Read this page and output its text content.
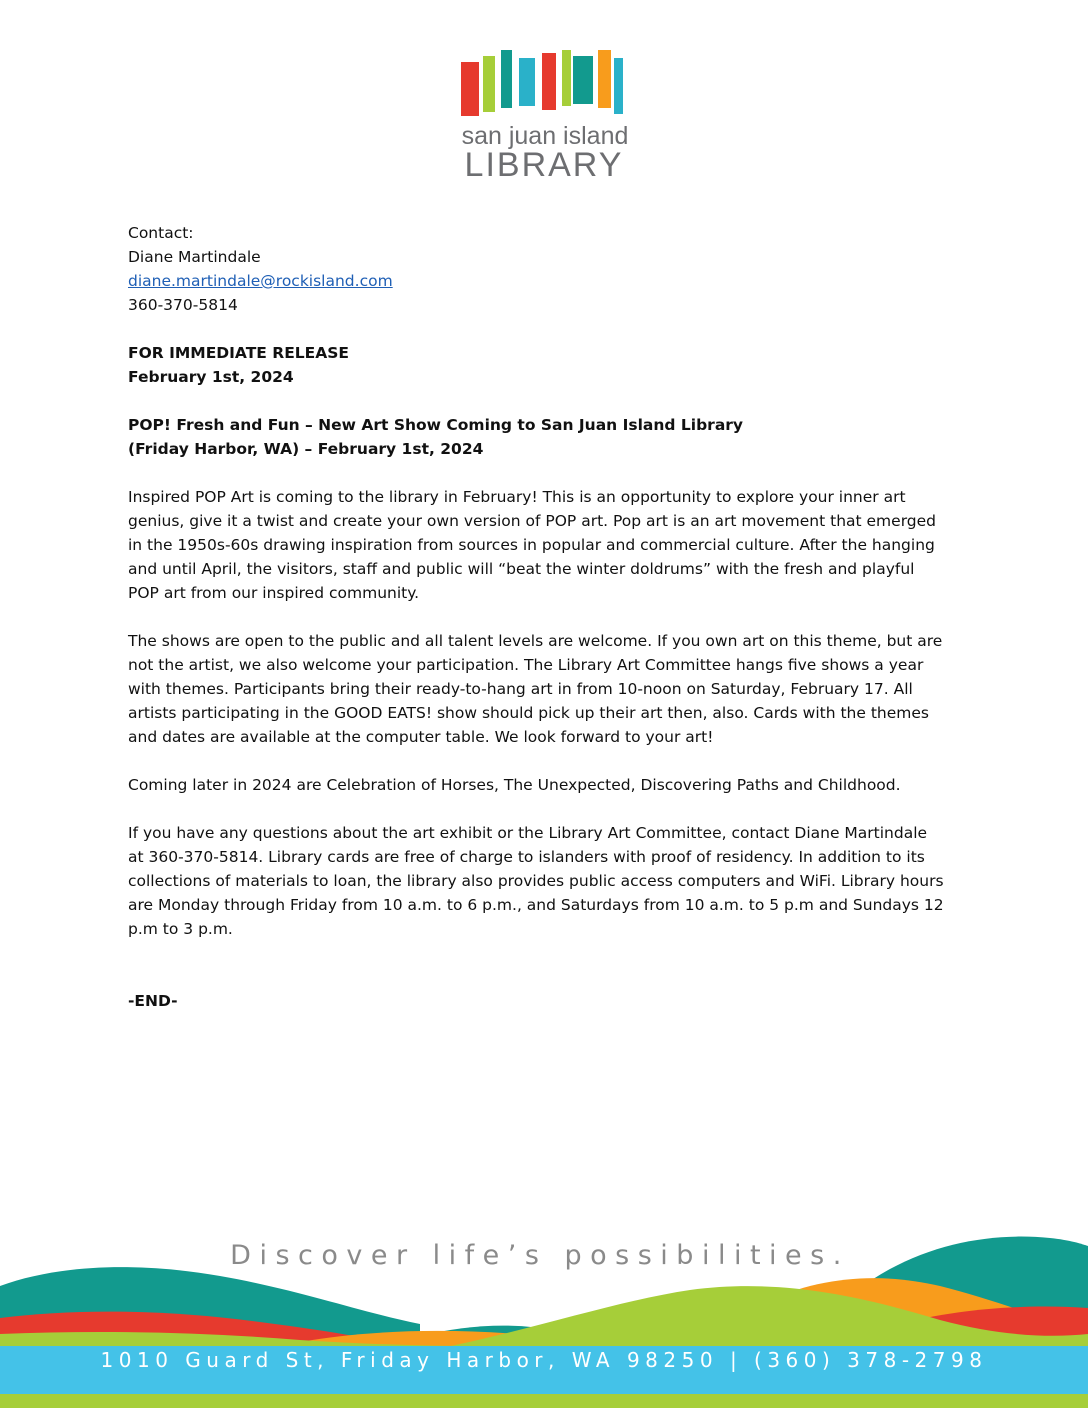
san juan island
LIBRARY
Contact:
Diane Martindale
diane.martindale@rockisland.com
360-370-5814
FOR IMMEDIATE RELEASE
February 1st, 2024
POP! Fresh and Fun – New Art Show Coming to San Juan Island Library
(Friday Harbor, WA) – February 1st, 2024
Inspired POP Art is coming to the library in February! This is an opportunity to explore your inner art
genius, give it a twist and create your own version of POP art. Pop art is an art movement that emerged
in the 1950s-60s drawing inspiration from sources in popular and commercial culture. After the hanging
and until April, the visitors, staff and public will “beat the winter doldrums” with the fresh and playful
POP art from our inspired community.
The shows are open to the public and all talent levels are welcome. If you own art on this theme, but are
not the artist, we also welcome your participation. The Library Art Committee hangs five shows a year
with themes. Participants bring their ready-to-hang art in from 10-noon on Saturday, February 17. All
artists participating in the GOOD EATS! show should pick up their art then, also. Cards with the themes
and dates are available at the computer table. We look forward to your art!
Coming later in 2024 are Celebration of Horses, The Unexpected, Discovering Paths and Childhood.
If you have any questions about the art exhibit or the Library Art Committee, contact Diane Martindale
at 360-370-5814. Library cards are free of charge to islanders with proof of residency. In addition to its
collections of materials to loan, the library also provides public access computers and WiFi. Library hours
are Monday through Friday from 10 a.m. to 6 p.m., and Saturdays from 10 a.m. to 5 p.m and Sundays 12
p.m to 3 p.m.
-END-
Discover life’s possibilities.
1010 Guard St, Friday Harbor, WA 98250 | (360) 378-2798
